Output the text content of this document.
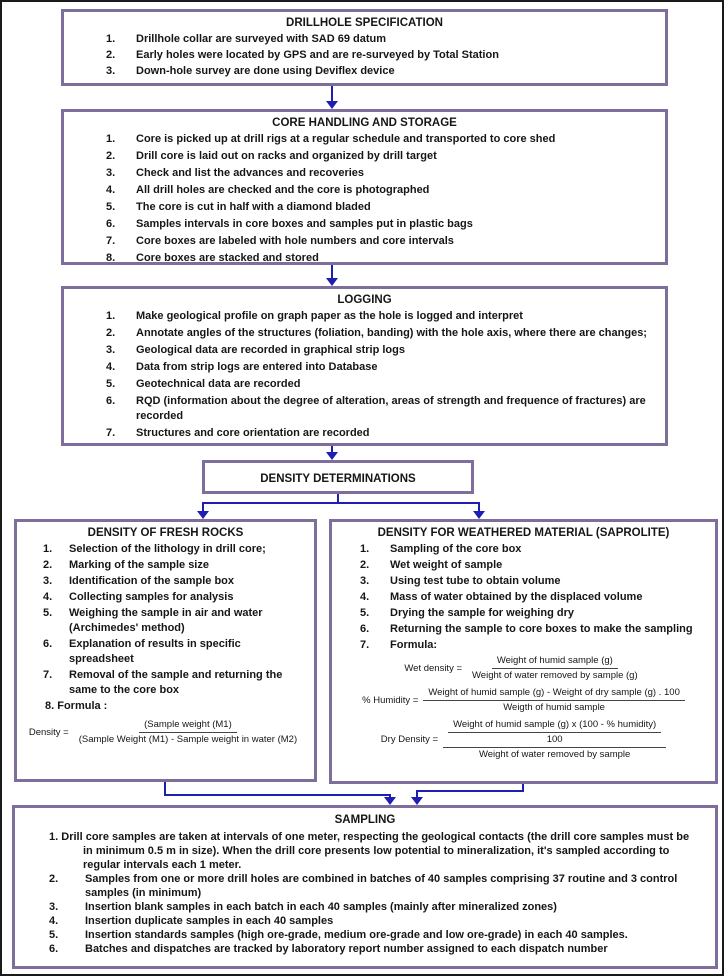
DRILLHOLE SPECIFICATION
1.	Drillhole collar are surveyed with SAD 69 datum
2.	Early holes were located by GPS and are re-surveyed by Total Station
3.	Down-hole survey are done using Deviflex device
CORE HANDLING AND STORAGE
1.	Core is picked up at drill rigs at a regular schedule and transported to core shed
2.	Drill core is laid out on racks and organized by drill target
3.	Check and list the advances and recoveries
4.	All drill holes are checked and the core is photographed
5.	The core is cut in half with a diamond bladed
6.	Samples intervals in core boxes and samples put in plastic bags
7.	Core boxes are labeled with hole numbers and core intervals
8.	Core boxes are stacked and stored
LOGGING
1.	Make geological profile on graph paper as the hole is logged and interpret
2.	Annotate angles of the structures (foliation, banding) with the hole axis, where there are changes;
3.	Geological data are recorded in graphical strip logs
4.	Data from strip logs are entered into Database
5.	Geotechnical data are recorded
6.	RQD (information about the degree of alteration, areas of strength and frequence of fractures) are recorded
7.	Structures and core orientation are recorded
DENSITY DETERMINATIONS
DENSITY OF FRESH ROCKS
1.	Selection of the lithology in drill core;
2.	Marking of the sample size
3.	Identification of the sample box
4.	Collecting samples for analysis
5.	Weighing the sample in air and water (Archimedes' method)
6.	Explanation of results in specific spreadsheet
7.	Removal of the sample and returning the same to the core box
8. Formula :
Density = $\frac{\text{(Sample weight (M1)}}{\text{(Sample Weight (M1) - Sample weight in water (M2)}}$
DENSITY FOR WEATHERED MATERIAL (SAPROLITE)
1.	Sampling of the core box
2.	Wet weight of sample
3.	Using test tube to obtain volume
4.	Mass of water obtained by the displaced volume
5.	Drying the sample for weighing dry
6.	Returning the sample to core boxes to make the sampling
7.	Formula:
Wet density = $\frac{\text{Weight of humid sample (g)}}{\text{Weight of water removed by sample (g)}}$
% Humidity = $\frac{\text{Weight of humid sample (g) - Weight of dry sample (g) . 100}}{\text{Weigth of humid sample}}$
Dry Density = $\frac{\text{Weight of humid sample (g) x (100 - \% humidity)}}{100}$
Weight of water removed by sample
SAMPLING
1. Drill core samples are taken at intervals of one meter, respecting the geological contacts (the drill core samples must be in minimum 0.5 m in size). When the drill core presents low potential to mineralization, it's sampled according to regular intervals each 1 meter.
2.	Samples from one or more drill holes are combined in batches of 40 samples comprising 37 routine and 3 control samples (in minimum)
3.	Insertion blank samples in each batch in each 40 samples (mainly after mineralized zones)
4.	Insertion duplicate samples in each 40 samples
5.	Insertion standards samples (high ore-grade, medium ore-grade and low ore-grade) in each 40 samples.
6.	Batches and dispatches are tracked by laboratory report number assigned to each dispatch number
